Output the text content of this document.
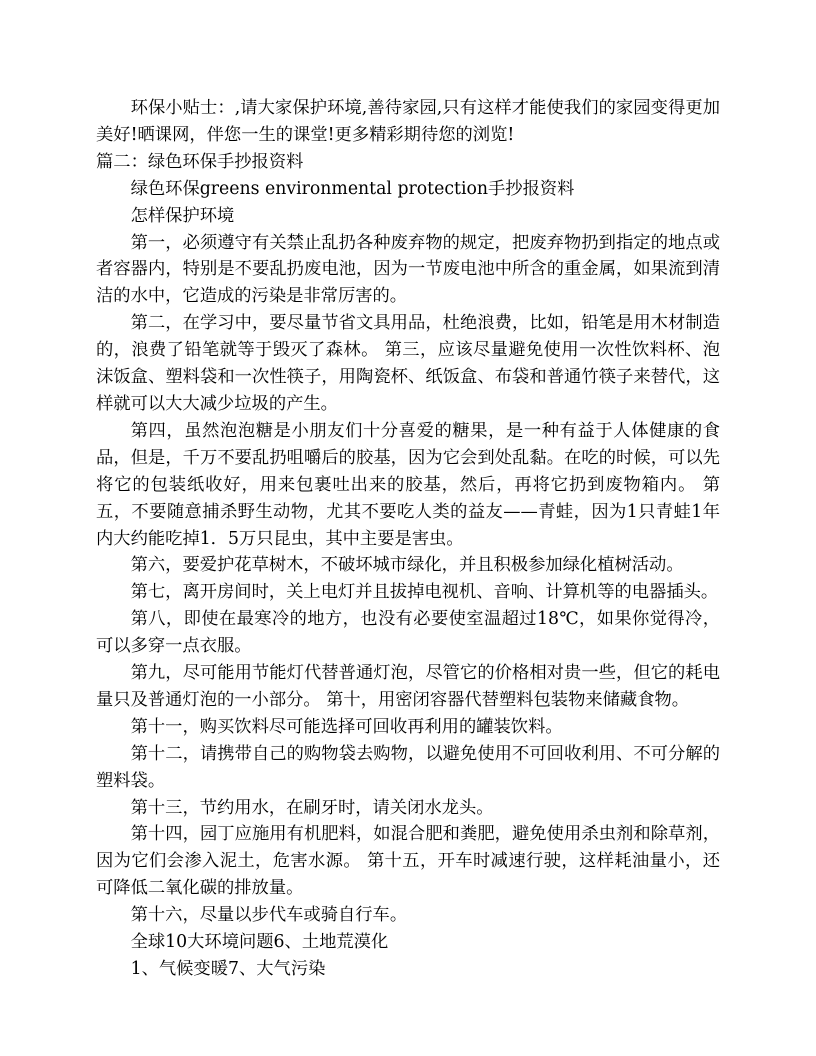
环保小贴士：,请大家保护环境,善待家园,只有这样才能使我们的家园变得更加美好!晒课网，伴您一生的课堂!更多精彩期待您的浏览!

篇二：绿色环保手抄报资料

绿色环保greens environmental protection手抄报资料

怎样保护环境

第一，必须遵守有关禁止乱扔各种废弃物的规定，把废弃物扔到指定的地点或者容器内，特别是不要乱扔废电池，因为一节废电池中所含的重金属，如果流到清洁的水中，它造成的污染是非常厉害的。

第二，在学习中，要尽量节省文具用品，杜绝浪费，比如，铅笔是用木材制造的，浪费了铅笔就等于毁灭了森林。 第三，应该尽量避免使用一次性饮料杯、泡沫饭盒、塑料袋和一次性筷子，用陶瓷杯、纸饭盒、布袋和普通竹筷子来替代，这样就可以大大减少垃圾的产生。

第四，虽然泡泡糖是小朋友们十分喜爱的糖果，是一种有益于人体健康的食品，但是，千万不要乱扔咀嚼后的胶基，因为它会到处乱黏。在吃的时候，可以先将它的包装纸收好，用来包裹吐出来的胶基，然后，再将它扔到废物箱内。 第五，不要随意捕杀野生动物，尤其不要吃人类的益友——青蛙，因为1只青蛙1年内大约能吃掉1．5万只昆虫，其中主要是害虫。

第六，要爱护花草树木，不破坏城市绿化，并且积极参加绿化植树活动。

第七，离开房间时，关上电灯并且拔掉电视机、音响、计算机等的电器插头。

第八，即使在最寒冷的地方，也没有必要使室温超过18℃，如果你觉得冷，可以多穿一点衣服。

第九，尽可能用节能灯代替普通灯泡，尽管它的价格相对贵一些，但它的耗电量只及普通灯泡的一小部分。 第十，用密闭容器代替塑料包装物来储藏食物。

第十一，购买饮料尽可能选择可回收再利用的罐装饮料。

第十二，请携带自己的购物袋去购物，以避免使用不可回收利用、不可分解的塑料袋。

第十三，节约用水，在刷牙时，请关闭水龙头。

第十四，园丁应施用有机肥料，如混合肥和粪肥，避免使用杀虫剂和除草剂，因为它们会渗入泥土，危害水源。 第十五，开车时减速行驶，这样耗油量小，还可降低二氧化碳的排放量。

第十六，尽量以步代车或骑自行车。

全球10大环境问题6、土地荒漠化

1、气候变暖7、大气污染
